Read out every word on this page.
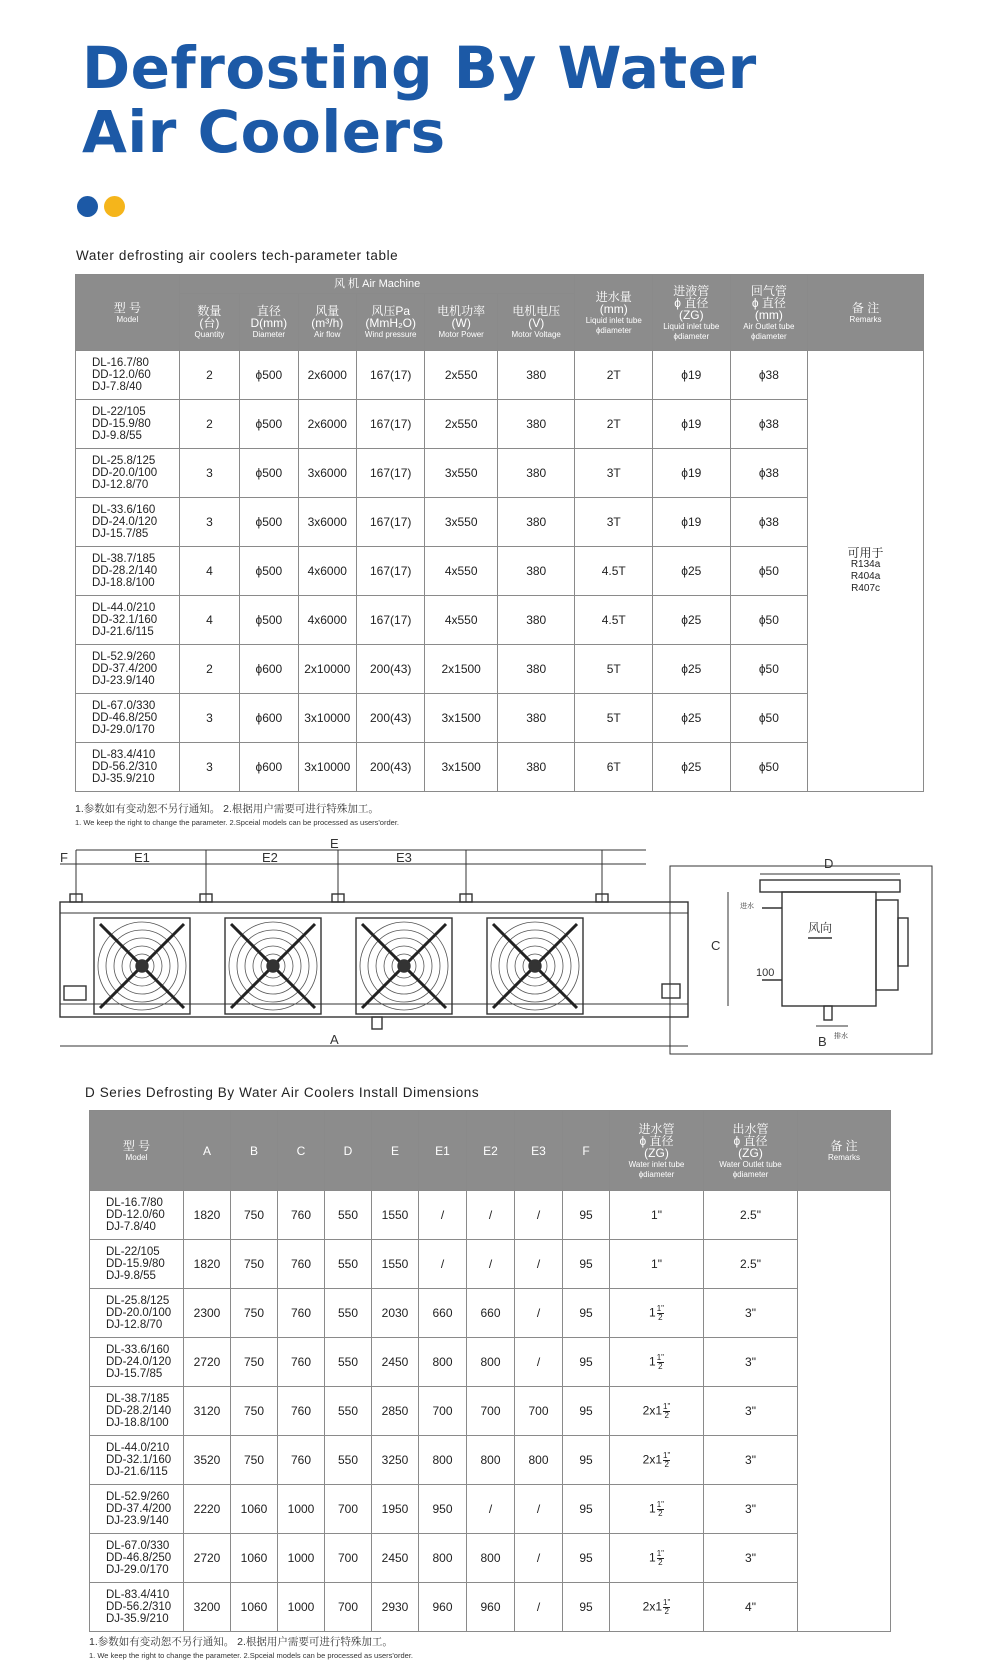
Defrosting By Water
Air Coolers
Water defrosting air coolers tech-parameter table
型 号
Model	风 机 Air Machine						进水量
(mm)
Liquid inlet tube
ϕdiameter	进液管
ϕ 直径
(ZG)
Liquid inlet tube
ϕdiameter	回气管
ϕ 直径
(mm)
Air Outlet tube
ϕdiameter	备 注
Remarks

	数量
(台)
Quantity	直径
D(mm)
Diameter	风量
(m³/h)
Air flow	风压Pa
(MmH₂O)
Wind pressure	电机功率
(W)
Motor Power	电机电压
(V)
Motor Voltage				

DL-16.7/80
DD-12.0/60
DJ-7.8/40	2	ϕ500	2x6000	167(17)	2x550	380	2T	ϕ19	ϕ38	可用于
R134a
R404a
R407c

DL-22/105
DD-15.9/80
DJ-9.8/55	2	ϕ500	2x6000	167(17)	2x550	380	2T	ϕ19	ϕ38	

DL-25.8/125
DD-20.0/100
DJ-12.8/70	3	ϕ500	3x6000	167(17)	3x550	380	3T	ϕ19	ϕ38	

DL-33.6/160
DD-24.0/120
DJ-15.7/85	3	ϕ500	3x6000	167(17)	3x550	380	3T	ϕ19	ϕ38	

DL-38.7/185
DD-28.2/140
DJ-18.8/100	4	ϕ500	4x6000	167(17)	4x550	380	4.5T	ϕ25	ϕ50	

DL-44.0/210
DD-32.1/160
DJ-21.6/115	4	ϕ500	4x6000	167(17)	4x550	380	4.5T	ϕ25	ϕ50	

DL-52.9/260
DD-37.4/200
DJ-23.9/140	2	ϕ600	2x10000	200(43)	2x1500	380	5T	ϕ25	ϕ50	

DL-67.0/330
DD-46.8/250
DJ-29.0/170	3	ϕ600	3x10000	200(43)	3x1500	380	5T	ϕ25	ϕ50	

DL-83.4/410
DD-56.2/310
DJ-35.9/210	3	ϕ600	3x10000	200(43)	3x1500	380	6T	ϕ25	ϕ50	
1.参数如有变动恕不另行通知。 2.根据用户需要可进行特殊加工。
1. We keep the right to change the parameter. 2.Spceial models can be processed as users'order.
F	E1	E2	E3
E
A
D
C
100
B
进水
风向
排水
D Series Defrosting By Water Air Coolers Install Dimensions
型 号
Model	A	B	C	D	E	E1	E2	E3	F	进水管
ϕ 直径
(ZG)
Water inlet tube
ϕdiameter	出水管
ϕ 直径
(ZG)
Water Outlet tube
ϕdiameter	备 注
Remarks

DL-16.7/80
DD-12.0/60
DJ-7.8/40	1820	750	760	550	1550	/	/	/	95	1"	2.5"	

DL-22/105
DD-15.9/80
DJ-9.8/55	1820	750	760	550	1550	/	/	/	95	1"	2.5"	

DL-25.8/125
DD-20.0/100
DJ-12.8/70	2300	750	760	550	2030	660	660	/	95	$1 \frac{1"}{2}$	3"	

DL-33.6/160
DD-24.0/120
DJ-15.7/85	2720	750	760	550	2450	800	800	/	95	$1 \frac{1"}{2}$	3"	

DL-38.7/185
DD-28.2/140
DJ-18.8/100	3120	750	760	550	2850	700	700	700	95	$2x1 \frac{1"}{2}$	3"	

DL-44.0/210
DD-32.1/160
DJ-21.6/115	3520	750	760	550	3250	800	800	800	95	$2x1 \frac{1"}{2}$	3"	

DL-52.9/260
DD-37.4/200
DJ-23.9/140	2220	1060	1000	700	1950	950	/	/	95	$1 \frac{1"}{2}$	3"	

DL-67.0/330
DD-46.8/250
DJ-29.0/170	2720	1060	1000	700	2450	800	800	/	95	$1 \frac{1"}{2}$	3"	

DL-83.4/410
DD-56.2/310
DJ-35.9/210	3200	1060	1000	700	2930	960	960	/	95	$2x1 \frac{1"}{2}$	4"	
1.参数如有变动恕不另行通知。 2.根据用户需要可进行特殊加工。
1. We keep the right to change the parameter. 2.Spceial models can be processed as users'order.
